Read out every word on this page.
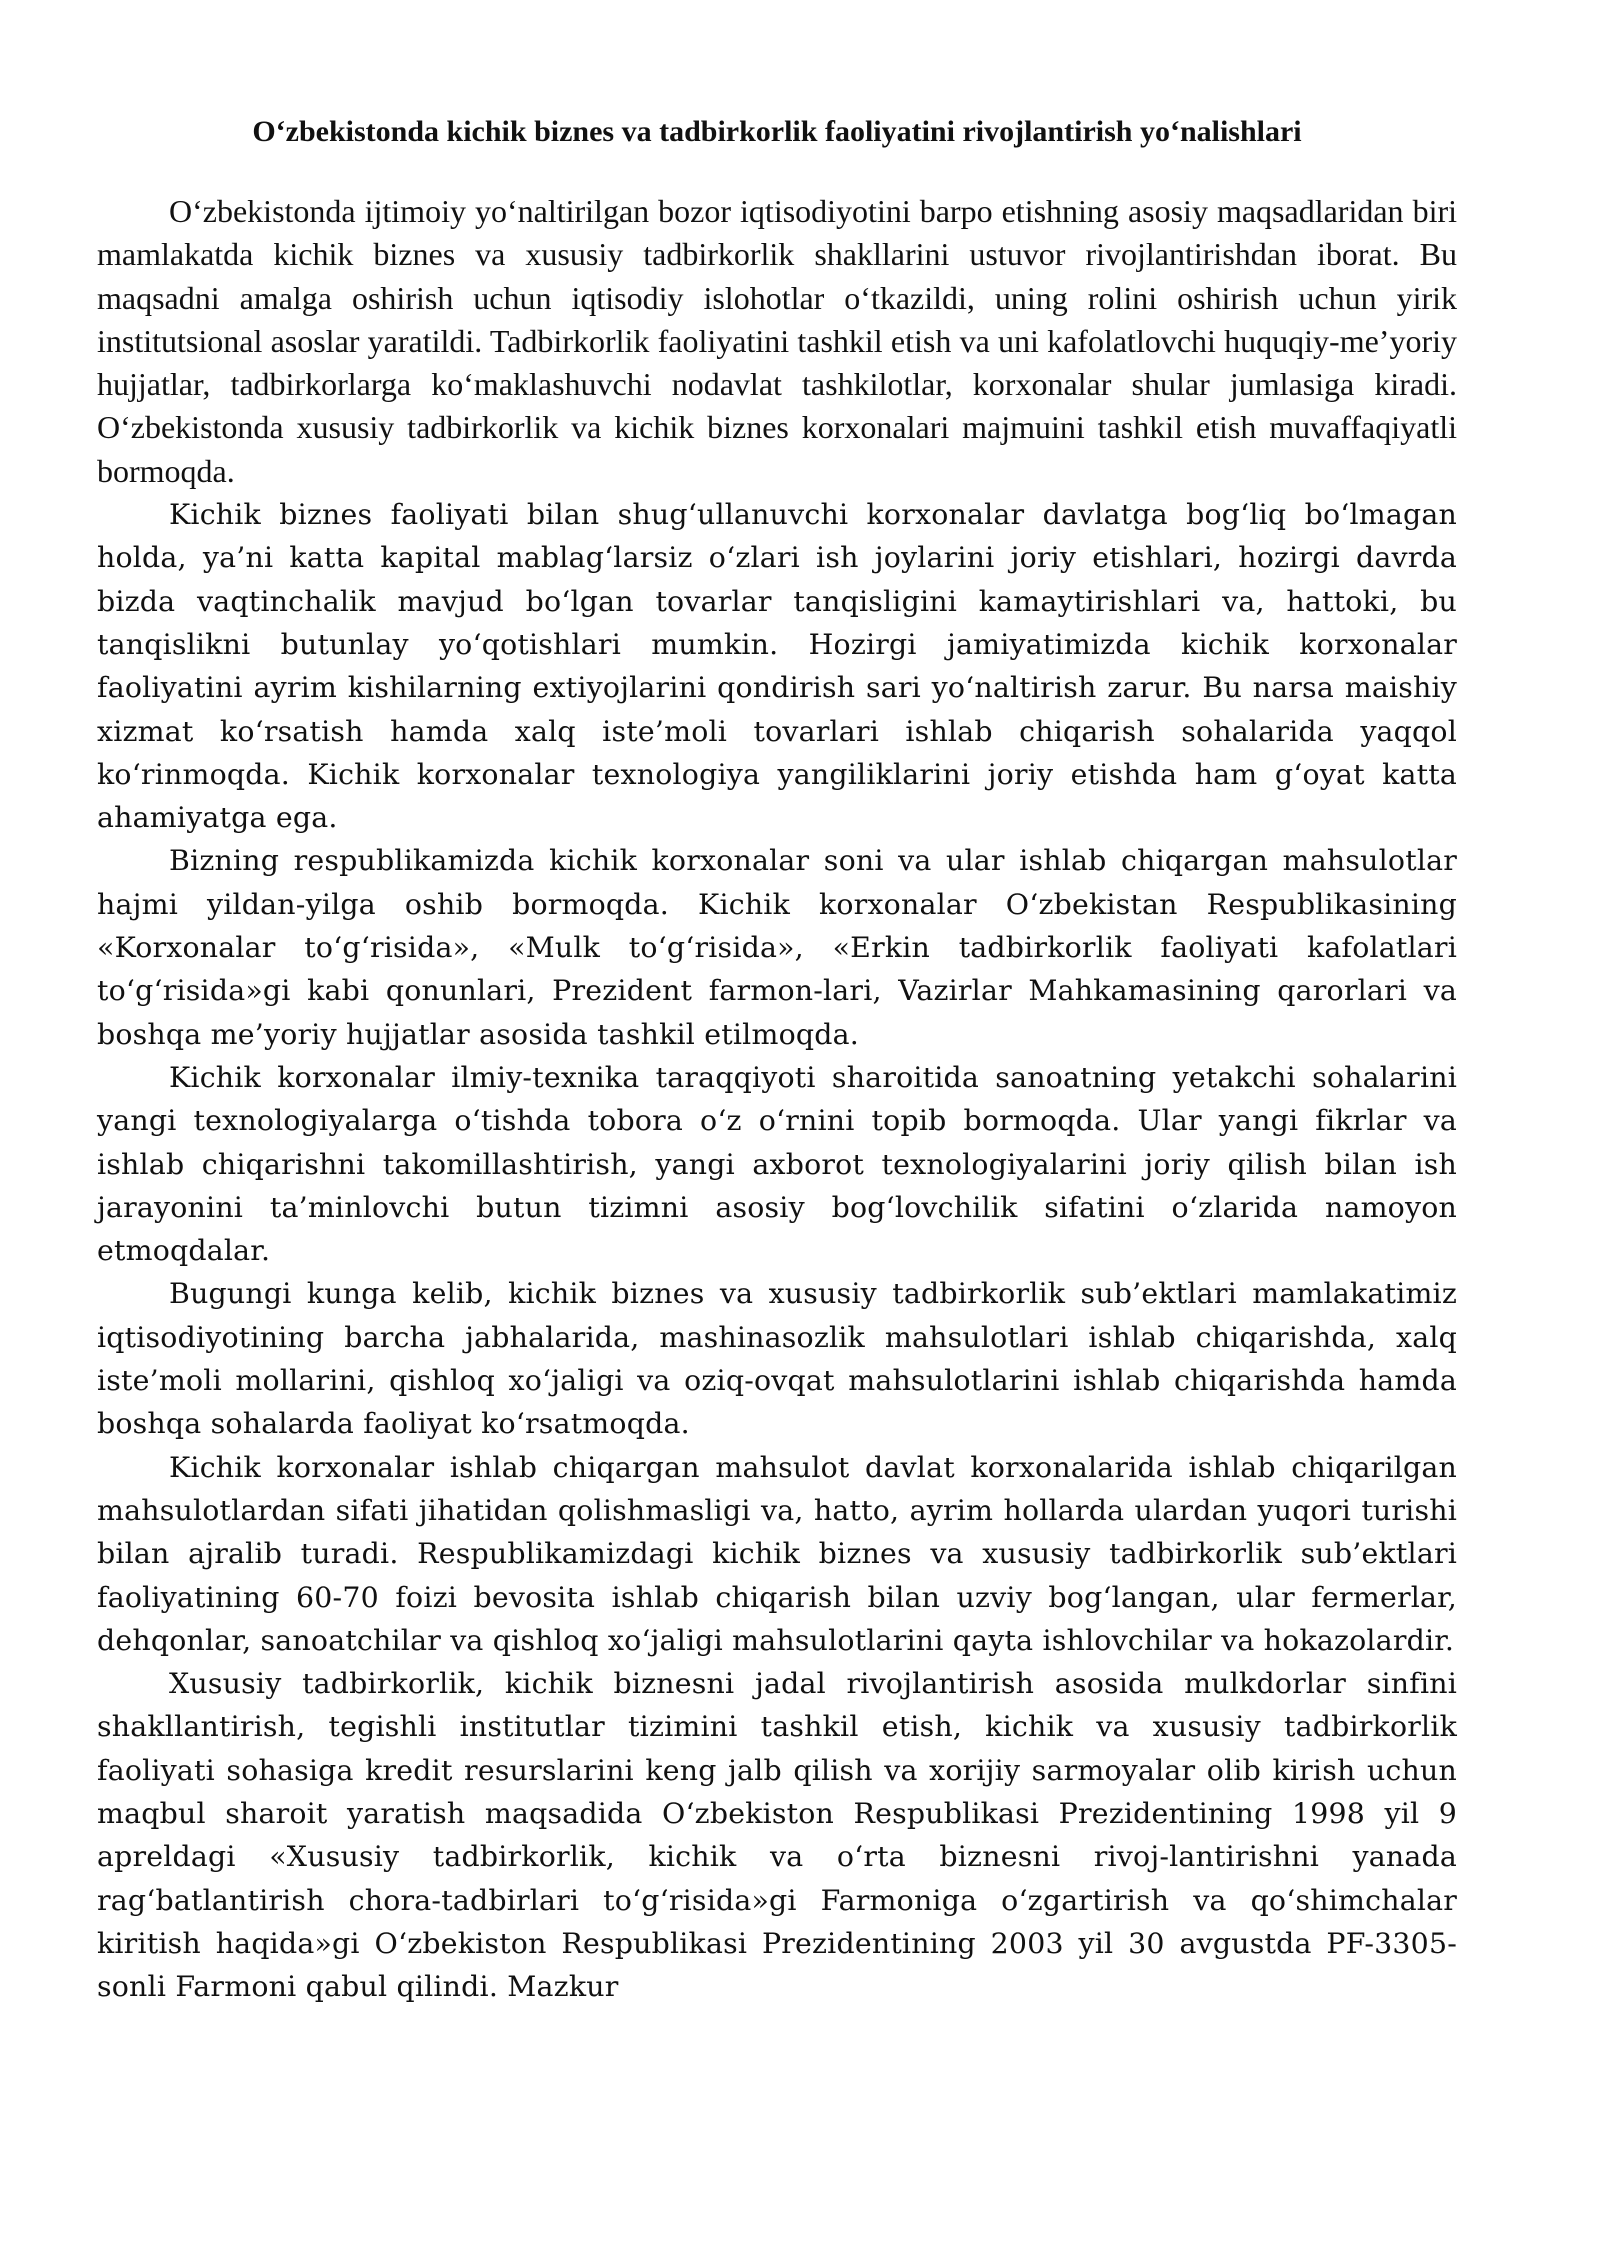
O‘zbekistonda kichik biznes va tadbirkorlik faoliyatini rivojlantirish yo‘nalishlari

O‘zbekistonda ijtimoiy yo‘naltirilgan bozor iqtisodiyotini barpo etishning asosiy maqsadlaridan biri mamlakatda kichik biznes va xususiy tadbirkorlik shakllarini ustuvor rivojlantirishdan iborat. Bu maqsadni amalga oshirish uchun iqtisodiy islohotlar o‘tkazildi, uning rolini oshirish uchun yirik institutsional asoslar yaratildi. Tadbirkorlik faoliyatini tashkil etish va uni kafolatlovchi huquqiy-me’yoriy hujjatlar, tadbirkorlarga ko‘maklashuvchi nodavlat tashkilotlar, korxonalar shular jumlasiga kiradi. O‘zbekistonda xususiy tadbirkorlik va kichik biznes korxonalari majmuini tashkil etish muvaffaqiyatli bormoqda.

Kichik biznes faoliyati bilan shug‘ullanuvchi korxonalar davlatga bog‘liq bo‘lmagan holda, ya’ni katta kapital mablag‘larsiz o‘zlari ish joylarini joriy etishlari, hozirgi davrda bizda vaqtinchalik mavjud bo‘lgan tovarlar tanqisligini kamaytirishlari va, hattoki, bu tanqislikni butunlay yo‘qotishlari mumkin. Hozirgi jamiyatimizda kichik korxonalar faoliyatini ayrim kishilarning extiyojlarini qondirish sari yo‘naltirish zarur. Bu narsa maishiy xizmat ko‘rsatish hamda xalq iste’moli tovarlari ishlab chiqarish sohalarida yaqqol ko‘rinmoqda. Kichik korxonalar texnologiya yangiliklarini joriy etishda ham g‘oyat katta ahamiyatga ega.

Bizning respublikamizda kichik korxonalar soni va ular ishlab chiqargan mahsulotlar hajmi yildan-yilga oshib bormoqda. Kichik korxonalar O‘zbekistan Respublikasining «Korxonalar to‘g‘risida», «Mulk to‘g‘risida», «Erkin tadbirkorlik faoliyati kafolatlari to‘g‘risida»gi kabi qonunlari, Prezident farmon-lari, Vazirlar Mahkamasining qarorlari va boshqa me’yoriy hujjatlar asosida tashkil etilmoqda.

Kichik korxonalar ilmiy-texnika taraqqiyoti sharoitida sanoatning yetakchi sohalarini yangi texnologiyalarga o‘tishda tobora o‘z o‘rnini topib bormoqda. Ular yangi fikrlar va ishlab chiqarishni takomillashtirish, yangi axborot texnologiyalarini joriy qilish bilan ish jarayonini ta’minlovchi butun tizimni asosiy bog‘lovchilik sifatini o‘zlarida namoyon etmoqdalar.

Bugungi kunga kelib, kichik biznes va xususiy tadbirkorlik sub’ektlari mamlakatimiz iqtisodiyotining barcha jabhalarida, mashinasozlik mahsulotlari ishlab chiqarishda, xalq iste’moli mollarini, qishloq xo‘jaligi va oziq-ovqat mahsulotlarini ishlab chiqarishda hamda boshqa sohalarda faoliyat ko‘rsatmoqda.

Kichik korxonalar ishlab chiqargan mahsulot davlat korxonalarida ishlab chiqarilgan mahsulotlardan sifati jihatidan qolishmasligi va, hatto, ayrim hollarda ulardan yuqori turishi bilan ajralib turadi. Respublikamizdagi kichik biznes va xususiy tadbirkorlik sub’ektlari faoliyatining 60-70 foizi bevosita ishlab chiqarish bilan uzviy bog‘langan, ular fermerlar, dehqonlar, sanoatchilar va qishloq xo‘jaligi mahsulotlarini qayta ishlovchilar va hokazolardir.

Xususiy tadbirkorlik, kichik biznesni jadal rivojlantirish asosida mulkdorlar sinfini shakllantirish, tegishli institutlar tizimini tashkil etish, kichik va xususiy tadbirkorlik faoliyati sohasiga kredit resurslarini keng jalb qilish va xorijiy sarmoyalar olib kirish uchun maqbul sharoit yaratish maqsadida O‘zbekiston Respublikasi Prezidentining 1998 yil 9 apreldagi «Xususiy tadbirkorlik, kichik va o‘rta biznesni rivoj-lantirishni yanada rag‘batlantirish chora-tadbirlari to‘g‘risida»gi Farmoniga o‘zgartirish va qo‘shimchalar kiritish haqida»gi O‘zbekiston Respublikasi Prezidentining 2003 yil 30 avgustda PF-3305-sonli Farmoni qabul qilindi. Mazkur
